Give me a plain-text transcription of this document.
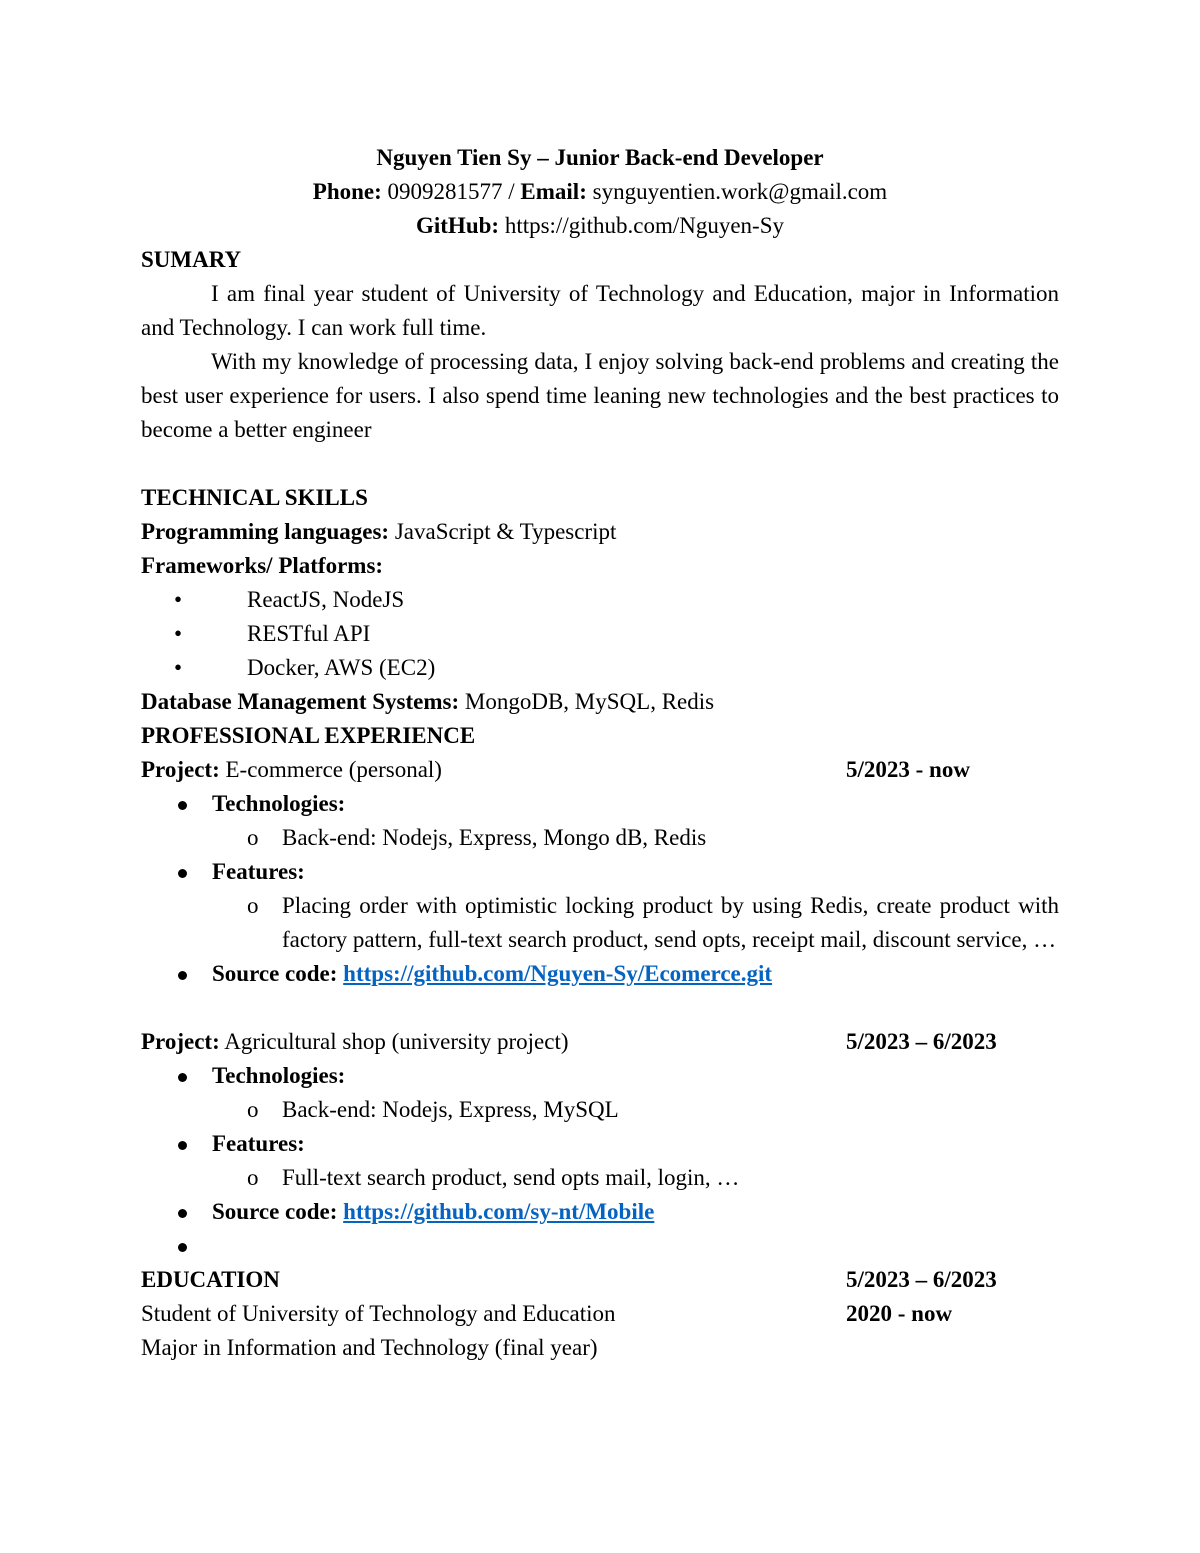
Nguyen Tien Sy – Junior Back-end Developer
Phone: 0909281577 / Email: synguyentien.work@gmail.com
GitHub: https://github.com/Nguyen-Sy
SUMARY
I am final year student of University of Technology and Education, major in Information and Technology. I can work full time.
With my knowledge of processing data, I enjoy solving back-end problems and creating the best user experience for users. I also spend time leaning new technologies and the best practices to become a better engineer
TECHNICAL SKILLS
Programming languages: JavaScript & Typescript
Frameworks/ Platforms:
•	ReactJS, NodeJS
•	RESTful API
•	Docker, AWS (EC2)
Database Management Systems: MongoDB, MySQL, Redis
PROFESSIONAL EXPERIENCE
Project: E-commerce (personal)	5/2023 - now
Technologies:
o Back-end: Nodejs, Express, Mongo dB, Redis
Features:
o Placing order with optimistic locking product by using Redis, create product with factory pattern, full-text search product, send opts, receipt mail, discount service, …
Source code: https://github.com/Nguyen-Sy/Ecomerce.git
Project: Agricultural shop (university project)	5/2023 – 6/2023
Technologies:
o Back-end: Nodejs, Express, MySQL
Features:
o Full-text search product, send opts mail, login, …
Source code: https://github.com/sy-nt/Mobile
EDUCATION	5/2023 – 6/2023
Student of University of Technology and Education	2020 - now
Major in Information and Technology (final year)
